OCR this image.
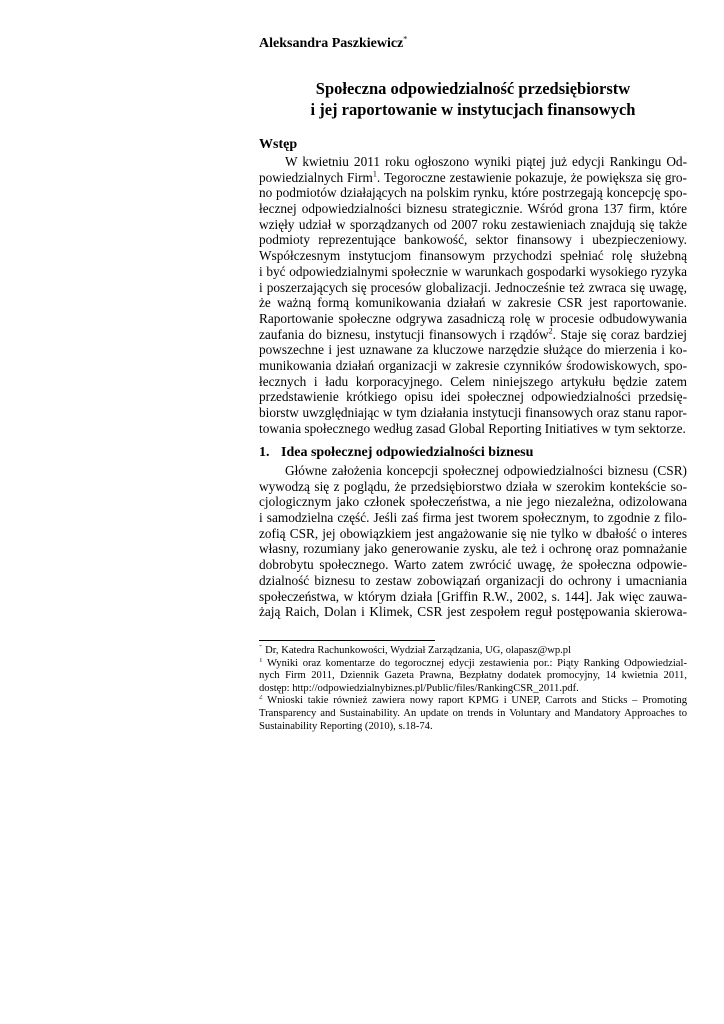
Aleksandra Paszkiewicz*
Społeczna odpowiedzialność przedsiębiorstw
i jej raportowanie w instytucjach finansowych
Wstęp
W kwietniu 2011 roku ogłoszono wyniki piątej już edycji Rankingu Od-
powiedzialnych Firm$^1$. Tegoroczne zestawienie pokazuje, że powiększa się gro-
no podmiotów działających na polskim rynku, które postrzegają koncepcję spo-
łecznej odpowiedzialności biznesu strategicznie. Wśród grona 137 firm, które
wzięły udział w sporządzanych od 2007 roku zestawieniach znajdują się także
podmioty reprezentujące bankowość, sektor finansowy i ubezpieczeniowy.
Współczesnym instytucjom finansowym przychodzi spełniać rolę służebną
i być odpowiedzialnymi społecznie w warunkach gospodarki wysokiego ryzyka
i poszerzających się procesów globalizacji. Jednocześnie też zwraca się uwagę,
że ważną formą komunikowania działań w zakresie CSR jest raportowanie.
Raportowanie społeczne odgrywa zasadniczą rolę w procesie odbudowywania
zaufania do biznesu, instytucji finansowych i rządów$^2$. Staje się coraz bardziej
powszechne i jest uznawane za kluczowe narzędzie służące do mierzenia i ko-
munikowania działań organizacji w zakresie czynników środowiskowych, spo-
łecznych i ładu korporacyjnego. Celem niniejszego artykułu będzie zatem
przedstawienie krótkiego opisu idei społecznej odpowiedzialności przedsię-
biorstw uwzględniając w tym działania instytucji finansowych oraz stanu rapor-
towania społecznego według zasad Global Reporting Initiatives w tym sektorze.
1. Idea społecznej odpowiedzialności biznesu
Główne założenia koncepcji społecznej odpowiedzialności biznesu (CSR)
wywodzą się z poglądu, że przedsiębiorstwo działa w szerokim kontekście so-
cjologicznym jako członek społeczeństwa, a nie jego niezależna, odizolowana
i samodzielna część. Jeśli zaś firma jest tworem społecznym, to zgodnie z filo-
zofią CSR, jej obowiązkiem jest angażowanie się nie tylko w dbałość o interes
własny, rozumiany jako generowanie zysku, ale też i ochronę oraz pomnażanie
dobrobytu społecznego. Warto zatem zwrócić uwagę, że społeczna odpowie-
dzialność biznesu to zestaw zobowiązań organizacji do ochrony i umacniania
społeczeństwa, w którym działa [Griffin R.W., 2002, s. 144]. Jak więc zauwa-
żają Raich, Dolan i Klimek, CSR jest zespołem reguł postępowania skierowa-
* Dr, Katedra Rachunkowości, Wydział Zarządzania, UG, olapasz@wp.pl
$^1$ Wyniki oraz komentarze do tegorocznej edycji zestawienia por.: Piąty Ranking Odpowiedzial-
nych Firm 2011, Dziennik Gazeta Prawna, Bezpłatny dodatek promocyjny, 14 kwietnia 2011,
dostęp: http://odpowiedzialnybiznes.pl/Public/files/RankingCSR_2011.pdf.
$^2$ Wnioski takie również zawiera nowy raport KPMG i UNEP, Carrots and Sticks – Promoting
Transparency and Sustainability. An update on trends in Voluntary and Mandatory Approaches to
Sustainability Reporting (2010), s.18-74.
